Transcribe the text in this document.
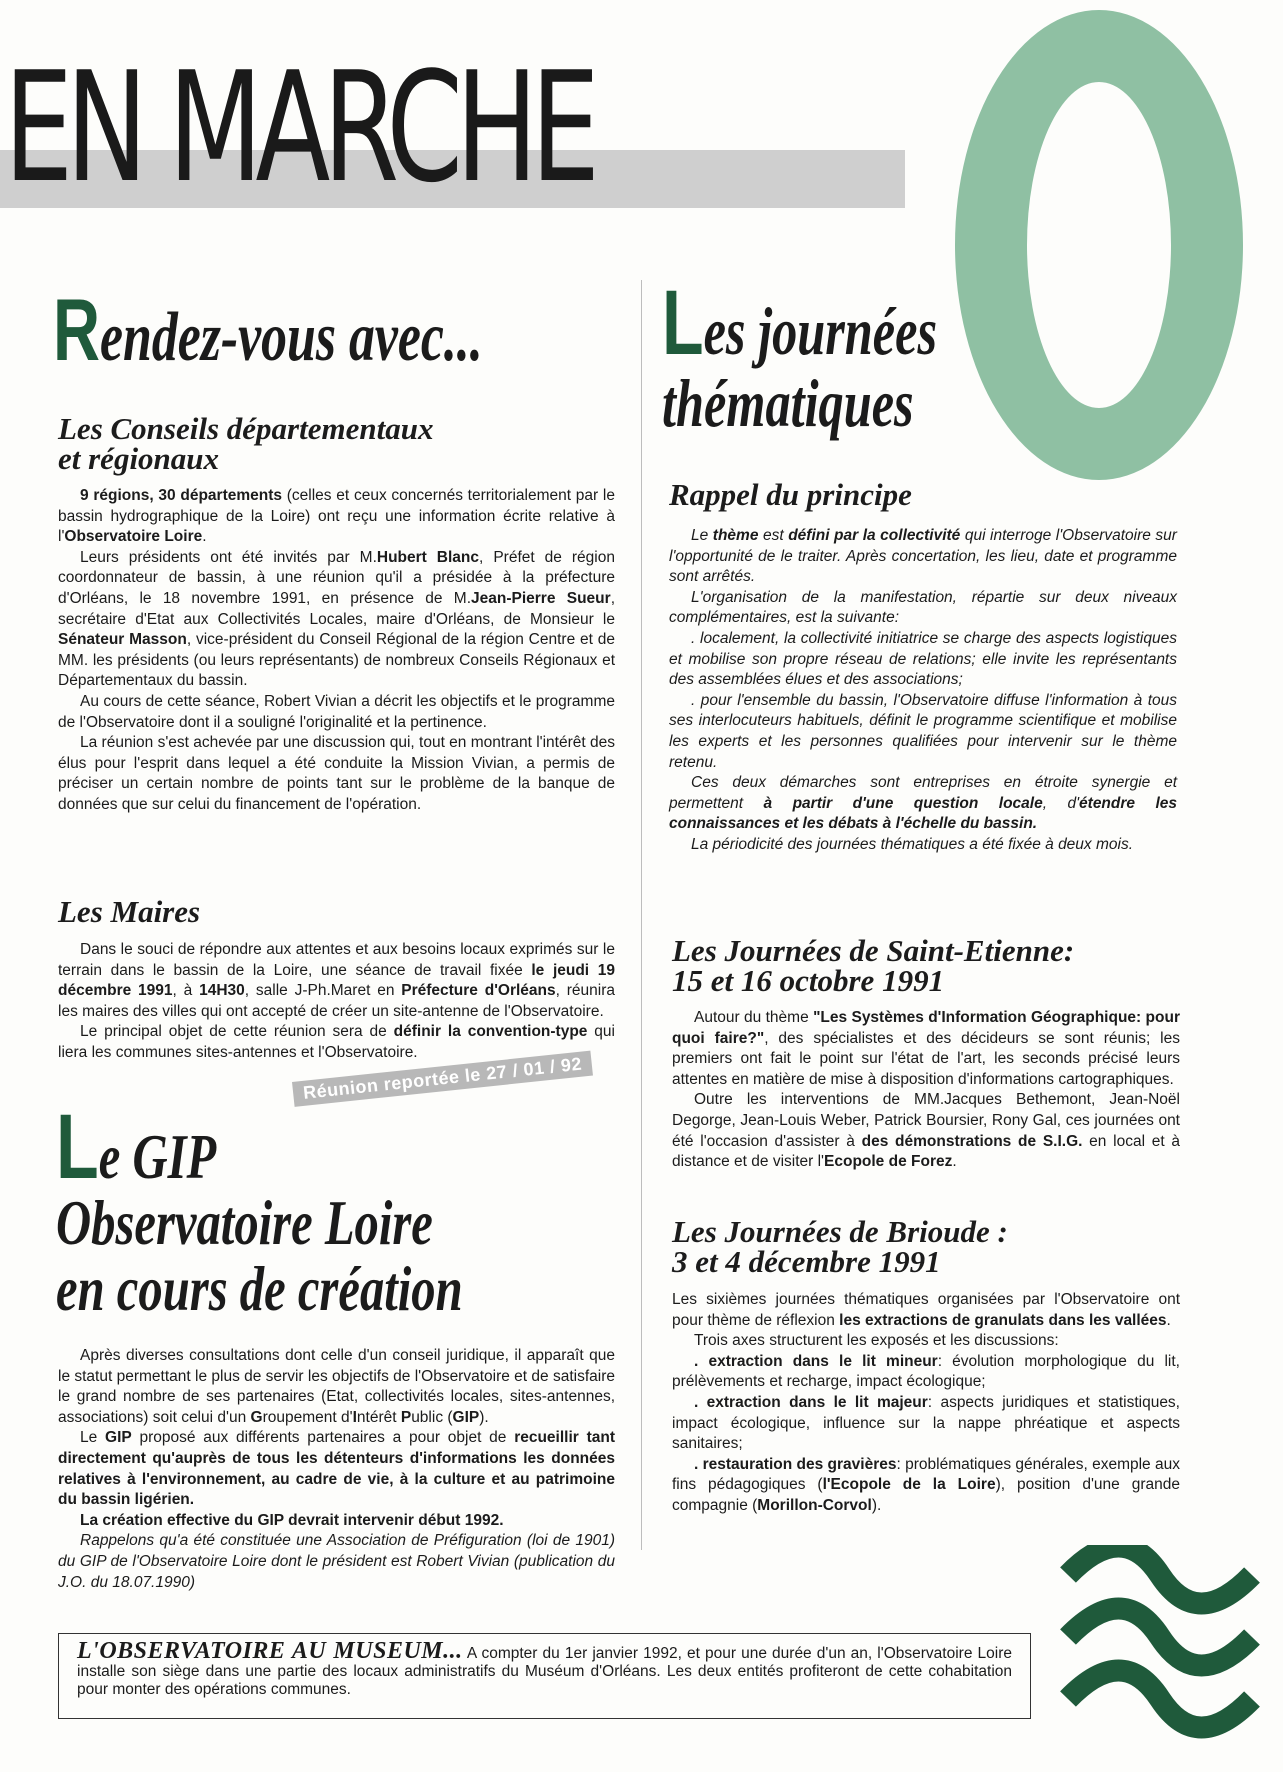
EN MARCHE
Rendez-vous avec...
Les Conseils départementaux
et régionaux

9 régions, 30 départements (celles et ceux concernés territorialement par le bassin hydrographique de la Loire) ont reçu une information écrite relative à l'Observatoire Loire.

Leurs présidents ont été invités par M.Hubert Blanc, Préfet de région coordonnateur de bassin, à une réunion qu'il a présidée à la préfecture d'Orléans, le 18 novembre 1991, en présence de M.Jean-Pierre Sueur, secrétaire d'Etat aux Collectivités Locales, maire d'Orléans, de Monsieur le Sénateur Masson, vice-président du Conseil Régional de la région Centre et de MM. les présidents (ou leurs représentants) de nombreux Conseils Régionaux et Départementaux du bassin.

Au cours de cette séance, Robert Vivian a décrit les objectifs et le programme de l'Observatoire dont il a souligné l'originalité et la pertinence.

La réunion s'est achevée par une discussion qui, tout en montrant l'intérêt des élus pour l'esprit dans lequel a été conduite la Mission Vivian, a permis de préciser un certain nombre de points tant sur le problème de la banque de données que sur celui du financement de l'opération.

Les Maires

Dans le souci de répondre aux attentes et aux besoins locaux exprimés sur le terrain dans le bassin de la Loire, une séance de travail fixée le jeudi 19 décembre 1991, à 14H30, salle J-Ph.Maret en Préfecture d'Orléans, réunira les maires des villes qui ont accepté de créer un site-antenne de l'Observatoire.

Le principal objet de cette réunion sera de définir la convention-type qui liera les communes sites-antennes et l'Observatoire.

Réunion reportée le 27 / 01 / 92
Le GIP
Observatoire Loire
en cours de création

Après diverses consultations dont celle d'un conseil juridique, il apparaît que le statut permettant le plus de servir les objectifs de l'Observatoire et de satisfaire le grand nombre de ses partenaires (Etat, collectivités locales, sites-antennes, associations) soit celui d'un Groupement d'Intérêt Public (GIP).

Le GIP proposé aux différents partenaires a pour objet de recueillir tant directement qu'auprès de tous les détenteurs d'informations les données relatives à l'environnement, au cadre de vie, à la culture et au patrimoine du bassin ligérien.

La création effective du GIP devrait intervenir début 1992.

Rappelons qu'a été constituée une Association de Préfiguration (loi de 1901) du GIP de l'Observatoire Loire dont le président est Robert Vivian (publication du J.O. du 18.07.1990)

Les journées
thématiques
Rappel du principe

Le thème est défini par la collectivité qui interroge l'Observatoire sur l'opportunité de le traiter. Après concertation, les lieu, date et programme sont arrêtés.

L'organisation de la manifestation, répartie sur deux niveaux complémentaires, est la suivante:

. localement, la collectivité initiatrice se charge des aspects logistiques et mobilise son propre réseau de relations; elle invite les représentants des assemblées élues et des associations;

. pour l'ensemble du bassin, l'Observatoire diffuse l'information à tous ses interlocuteurs habituels, définit le programme scientifique et mobilise les experts et les personnes qualifiées pour intervenir sur le thème retenu.

Ces deux démarches sont entreprises en étroite synergie et permettent à partir d'une question locale, d'étendre les connaissances et les débats à l'échelle du bassin.

La périodicité des journées thématiques a été fixée à deux mois.

Les Journées de Saint-Etienne:
15 et 16 octobre 1991

Autour du thème "Les Systèmes d'Information Géographique: pour quoi faire?", des spécialistes et des décideurs se sont réunis; les premiers ont fait le point sur l'état de l'art, les seconds précisé leurs attentes en matière de mise à disposition d'informations cartographiques.

Outre les interventions de MM.Jacques Bethemont, Jean-Noël Degorge, Jean-Louis Weber, Patrick Boursier, Rony Gal, ces journées ont été l'occasion d'assister à des démonstrations de S.I.G. en local et à distance et de visiter l'Ecopole de Forez.

Les Journées de Brioude :
3 et 4 décembre 1991

Les sixièmes journées thématiques organisées par l'Observatoire ont pour thème de réflexion les extractions de granulats dans les vallées.

Trois axes structurent les exposés et les discussions:

. extraction dans le lit mineur: évolution morphologique du lit, prélèvements et recharge, impact écologique;

. extraction dans le lit majeur: aspects juridiques et statistiques, impact écologique, influence sur la nappe phréatique et aspects sanitaires;

. restauration des gravières: problématiques générales, exemple aux fins pédagogiques (l'Ecopole de la Loire), position d'une grande compagnie (Morillon-Corvol).

L'OBSERVATOIRE AU MUSEUM... A compter du 1er janvier 1992, et pour une durée d'un an, l'Observatoire Loire installe son siège dans une partie des locaux administratifs du Muséum d'Orléans. Les deux entités profiteront de cette cohabitation pour monter des opérations communes.
